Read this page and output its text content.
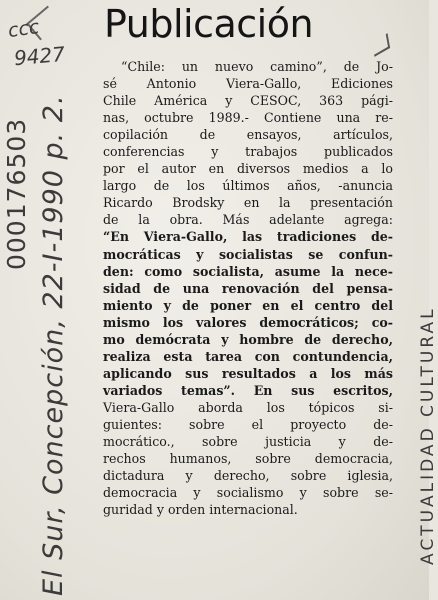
ccc
9427
000176503 El Sur, Concepción, 22-I-1990 p. 2.
Publicación
“Chile: un nuevo camino”, de Jo-
sé Antonio Viera-Gallo, Ediciones
Chile América y CESOC, 363 pági-
nas, octubre 1989.- Contiene una re-
copilación de ensayos, artículos,
conferencias y trabajos publicados
por el autor en diversos medios a lo
largo de los últimos años, -anuncia
Ricardo Brodsky en la presentación
de la obra. Más adelante agrega:
“En Viera-Gallo, las tradiciones de-
mocráticas y socialistas se confun-
den: como socialista, asume la nece-
sidad de una renovación del pensa-
miento y de poner en el centro del
mismo los valores democráticos; co-
mo demócrata y hombre de derecho,
realiza esta tarea con contundencia,
aplicando sus resultados a los más
variados temas”. En sus escritos,
Viera-Gallo aborda los tópicos si-
guientes: sobre el proyecto de-
mocrático., sobre justicia y de-
rechos humanos, sobre democracia,
dictadura y derecho, sobre iglesia,
democracia y socialismo y sobre se-
guridad y orden internacional.	ACTUALIDAD CULTURAL
